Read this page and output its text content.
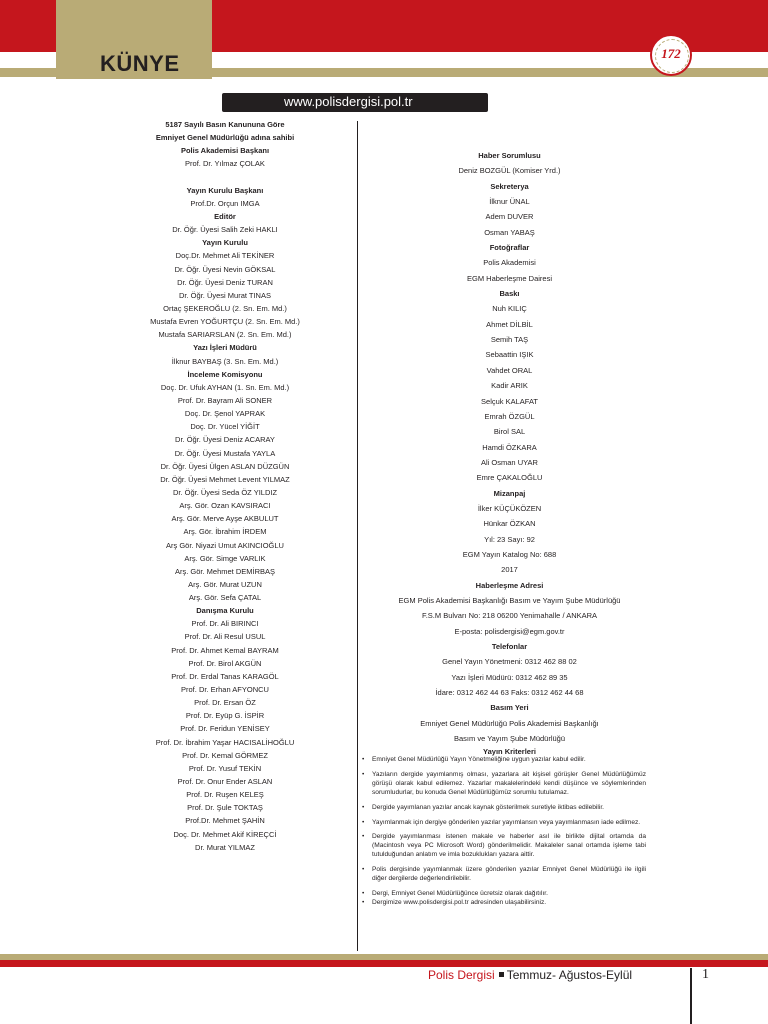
KÜNYE	172
www.polisdergisi.pol.tr
5187 Sayılı Basın Kanununa Göre
Emniyet Genel Müdürlüğü adına sahibi
Polis Akademisi Başkanı
Prof. Dr. Yılmaz ÇOLAK
Yayın Kurulu Başkanı
Prof.Dr. Orçun IMGA
Editör
Dr. Öğr. Üyesi Salih Zeki HAKLI
Yayın Kurulu
Doç.Dr. Mehmet Ali TEKİNER
Dr. Öğr. Üyesi Nevin GÖKSAL
Dr. Öğr. Üyesi Deniz TURAN
Dr. Öğr. Üyesi Murat TINAS
Ortaç ŞEKEROĞLU (2. Sn. Em. Md.)
Mustafa Evren YOĞURTÇU (2. Sn. Em. Md.)
Mustafa SARIARSLAN (2. Sn. Em. Md.)
Yazı İşleri Müdürü
İlknur BAYBAŞ (3. Sn. Em. Md.)
İnceleme Komisyonu
Doç. Dr. Ufuk AYHAN (1. Sn. Em. Md.)
Prof. Dr. Bayram Ali SONER
Doç. Dr. Şenol YAPRAK
Doç. Dr. Yücel YİĞİT
Dr. Öğr. Üyesi Deniz ACARAY
Dr. Öğr. Üyesi Mustafa YAYLA
Dr. Öğr. Üyesi Ülgen ASLAN DÜZGÜN
Dr. Öğr. Üyesi Mehmet Levent YILMAZ
Dr. Öğr. Üyesi Seda ÖZ YILDIZ
Arş. Gör. Ozan KAVSIRACI
Arş. Gör. Merve Ayşe AKBULUT
Arş. Gör. İbrahim İRDEM
Arş Gör. Niyazi Umut AKINCIOĞLU
Arş. Gör. Simge VARLIK
Arş. Gör. Mehmet DEMİRBAŞ
Arş. Gör. Murat UZUN
Arş. Gör. Sefa ÇATAL
Danışma Kurulu
Prof. Dr. Ali BIRINCI
Prof. Dr. Ali Resul USUL
Prof. Dr. Ahmet Kemal BAYRAM
Prof. Dr. Birol AKGÜN
Prof. Dr. Erdal Tanas KARAGÖL
Prof. Dr. Erhan AFYONCU
Prof. Dr. Ersan ÖZ
Prof. Dr. Eyüp G. İSPİR
Prof. Dr. Feridun YENİSEY
Prof. Dr. İbrahim Yaşar HACISALİHOĞLU
Prof. Dr. Kemal GÖRMEZ
Prof. Dr. Yusuf TEKİN
Prof. Dr. Onur Ender ASLAN
Prof. Dr. Ruşen KELEŞ
Prof. Dr. Şule TOKTAŞ
Prof.Dr. Mehmet ŞAHİN
Doç. Dr. Mehmet Akif KİREÇCİ
Dr. Murat YILMAZ
Haber Sorumlusu
Deniz BOZGÜL (Komiser Yrd.)
Sekreterya
İlknur ÜNAL
Adem DUVER
Osman YABAŞ
Fotoğraflar
Polis Akademisi
EGM Haberleşme Dairesi
Baskı
Nuh KILIÇ
Ahmet DİLBİL
Semih TAŞ
Sebaattin IŞIK
Vahdet ORAL
Kadir ARIK
Selçuk KALAFAT
Emrah ÖZGÜL
Birol SAL
Hamdi ÖZKARA
Ali Osman UYAR
Emre ÇAKALOĞLU
Mizanpaj
İlker KÜÇÜKÖZEN
Hünkar ÖZKAN
Yıl: 23 Sayı: 92
EGM Yayın Katalog No: 688
2017
Haberleşme Adresi
EGM Polis Akademisi Başkanlığı Basım ve Yayım Şube Müdürlüğü
F.S.M Bulvarı No: 218 06200 Yenimahalle / ANKARA
E-posta: polisdergisi@egm.gov.tr
Telefonlar
Genel Yayın Yönetmeni: 0312 462 88 02
Yazı İşleri Müdürü: 0312 462 89 35
İdare: 0312 462 44 63 Faks: 0312 462 44 68
Basım Yeri
Emniyet Genel Müdürlüğü Polis Akademisi Başkanlığı
Basım ve Yayım Şube Müdürlüğü
Yayın Kriterleri
• Emniyet Genel Müdürlüğü Yayın Yönetmeliğine uygun yazılar kabul edilir.
• Yazıların dergide yayımlanmış olması, yazarlara ait kişisel görüşler Genel Müdürlüğümüz görüşü olarak kabul edilemez. Yazarlar makalelerindeki kendi düşünce ve söylemlerinden sorumludurlar, bu konuda Genel Müdürlüğümüz sorumlu tutulamaz.
• Dergide yayımlanan yazılar ancak kaynak gösterilmek suretiyle iktibas edilebilir.
• Yayımlanmak için dergiye gönderilen yazılar yayımlansın veya yayımlanmasın iade edilmez.
• Dergide yayımlanması istenen makale ve haberler asıl ile birlikte dijital ortamda da (Macintosh veya PC Microsoft Word) gönderilmelidir. Makaleler sanal ortamda işleme tabi tutulduğundan anlatım ve imla bozuklukları yazara aittir.
• Polis dergisinde yayımlanmak üzere gönderilen yazılar Emniyet Genel Müdürlüğü ile ilgili diğer dergilerde değerlendirilebilir.
• Dergi, Emniyet Genel Müdürlüğünce ücretsiz olarak dağıtılır.
• Dergimize www.polisdergisi.pol.tr adresinden ulaşabilirsiniz.
Polis Dergisi Temmuz- Ağustos-Eylül	1
